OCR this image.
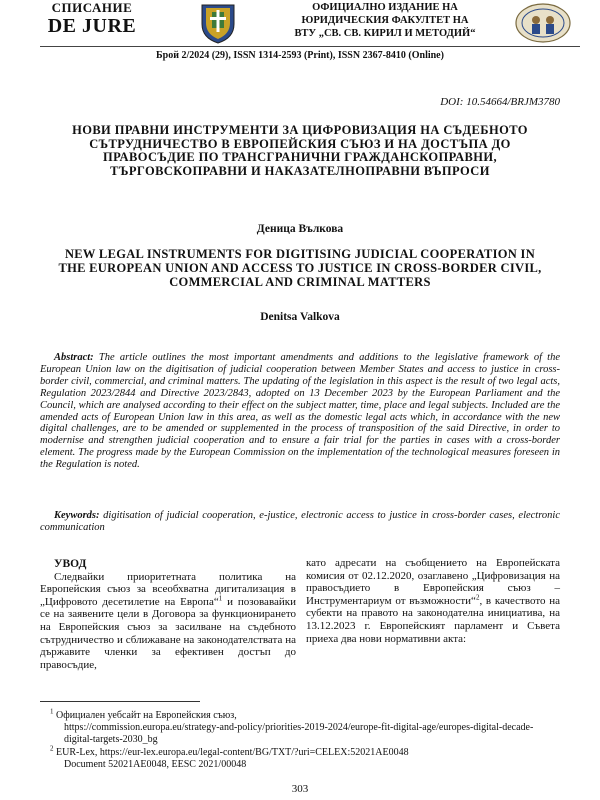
СПИСАНИЕ
DE JURE
ОФИЦИАЛНО ИЗДАНИЕ НА
ЮРИДИЧЕСКИЯ ФАКУЛТЕТ НА
ВТУ „СВ. СВ. КИРИЛ И МЕТОДИЙ“
Брой 2/2024 (29), ISSN 1314-2593 (Print), ISSN 2367-8410 (Online)
DOI: 10.54664/BRJM3780
НОВИ ПРАВНИ ИНСТРУМЕНТИ ЗА ЦИФРОВИЗАЦИЯ НА СЪДЕБНОТО СЪТРУДНИЧЕСТВО В ЕВРОПЕЙСКИЯ СЪЮЗ И НА ДОСТЪПА ДО ПРАВОСЪДИЕ ПО ТРАНСГРАНИЧНИ ГРАЖДАНСКОПРАВНИ, ТЪРГОВСКОПРАВНИ И НАКАЗАТЕЛНОПРАВНИ ВЪПРОСИ
Деница Вълкова
NEW LEGAL INSTRUMENTS FOR DIGITISING JUDICIAL COOPERATION IN THE EUROPEAN UNION AND ACCESS TO JUSTICE IN CROSS-BORDER CIVIL, COMMERCIAL AND CRIMINAL MATTERS
Denitsa Valkova
Abstract: The article outlines the most important amendments and additions to the legislative framework of the European Union law on the digitisation of judicial cooperation between Member States and access to justice in cross-border civil, commercial, and criminal matters. The updating of the legislation in this aspect is the result of two legal acts, Regulation 2023/2844 and Directive 2023/2843, adopted on 13 December 2023 by the European Parliament and the Council, which are analysed according to their effect on the subject matter, time, place and legal subjects. Included are the amended acts of European Union law in this area, as well as the domestic legal acts which, in accordance with the new digital challenges, are to be amended or supplemented in the process of transposition of the said Directive, in order to modernise and strengthen judicial cooperation and to ensure a fair trial for the parties in cases with a cross-border element. The progress made by the European Commission on the implementation of the technological measures foreseen in the Regulation is noted.
Keywords: digitisation of judicial cooperation, e-justice, electronic access to justice in cross-border cases, electronic communication
УВОД
Следвайки приоритетната политика на Европейския съюз за всеобхватна дигитализация в „Цифровото десетилетие на Европа“$^1$ и позовавайки се на заявените цели в Договора за функционирането на Европейския съюз за засилване на съдебното сътрудничество и сближаване на законодателствата на държавите членки за ефективен достъп до правосъдие,
като адресати на съобщението на Европейската комисия от 02.12.2020, озаглавено „Цифровизация на правосъдието в Европейския съюз – Инструментариум от възможности“$^2$, в качеството на субекти на правото на законодателна инициатива, на 13.12.2023 г. Европейският парламент и Съвета приеха два нови нормативни акта:
$^1$ Официален уебсайт на Европейския съюз,
https://commission.europa.eu/strategy-and-policy/priorities-2019-2024/europe-fit-digital-age/europes-digital-decade-digital-targets-2030_bg
$^2$ EUR-Lex, https://eur-lex.europa.eu/legal-content/BG/TXT/?uri=CELEX:52021AE0048
Document 52021AE0048, EESC 2021/00048
303
